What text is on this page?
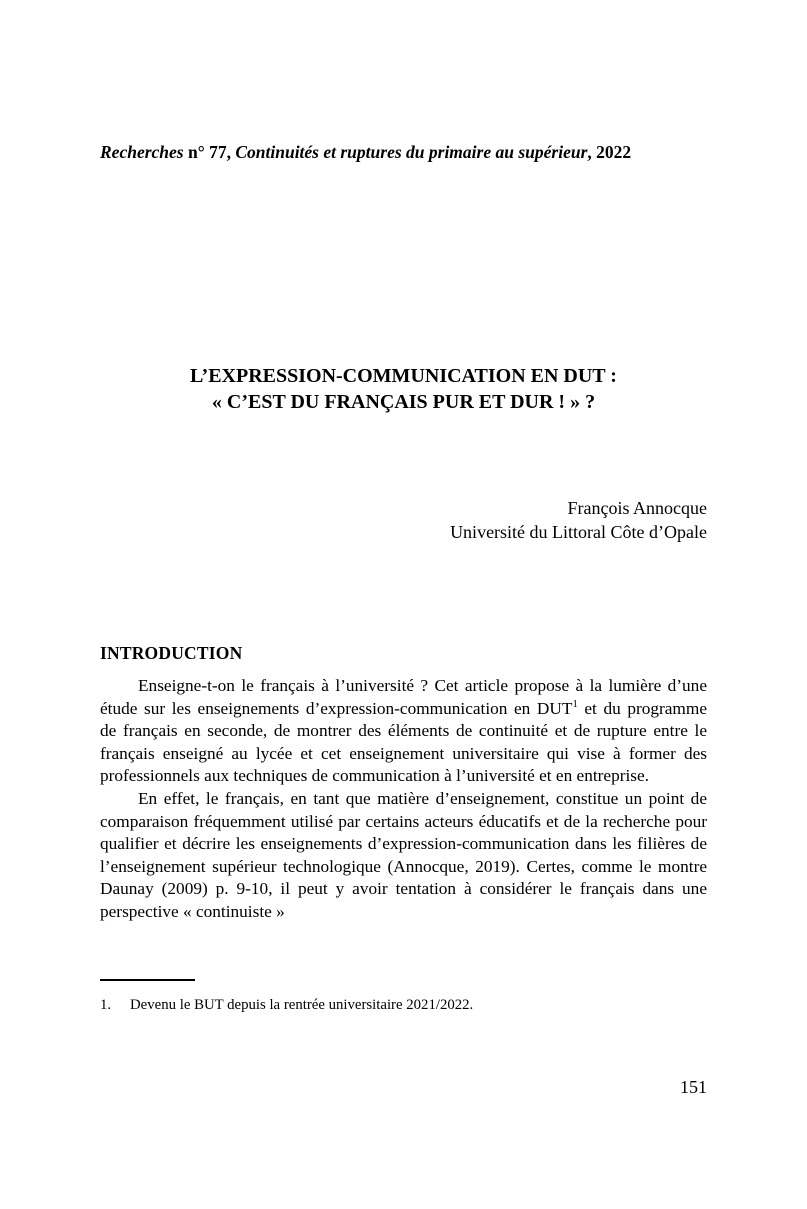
Recherches n° 77, Continuités et ruptures du primaire au supérieur, 2022
L’EXPRESSION-COMMUNICATION EN DUT :
« C’EST DU FRANÇAIS PUR ET DUR ! » ?
François Annocque
Université du Littoral Côte d’Opale
INTRODUCTION

Enseigne-t-on le français à l’université ? Cet article propose à la lumière d’une étude sur les enseignements d’expression-communication en DUT$^1$ et du programme de français en seconde, de montrer des éléments de continuité et de rupture entre le français enseigné au lycée et cet enseignement universitaire qui vise à former des professionnels aux techniques de communication à l’université et en entreprise.

En effet, le français, en tant que matière d’enseignement, constitue un point de comparaison fréquemment utilisé par certains acteurs éducatifs et de la recherche pour qualifier et décrire les enseignements d’expression-communication dans les filières de l’enseignement supérieur technologique (Annocque, 2019). Certes, comme le montre Daunay (2009) p. 9-10, il peut y avoir tentation à considérer le français dans une perspective « continuiste »

1.	Devenu le BUT depuis la rentrée universitaire 2021/2022.
151
